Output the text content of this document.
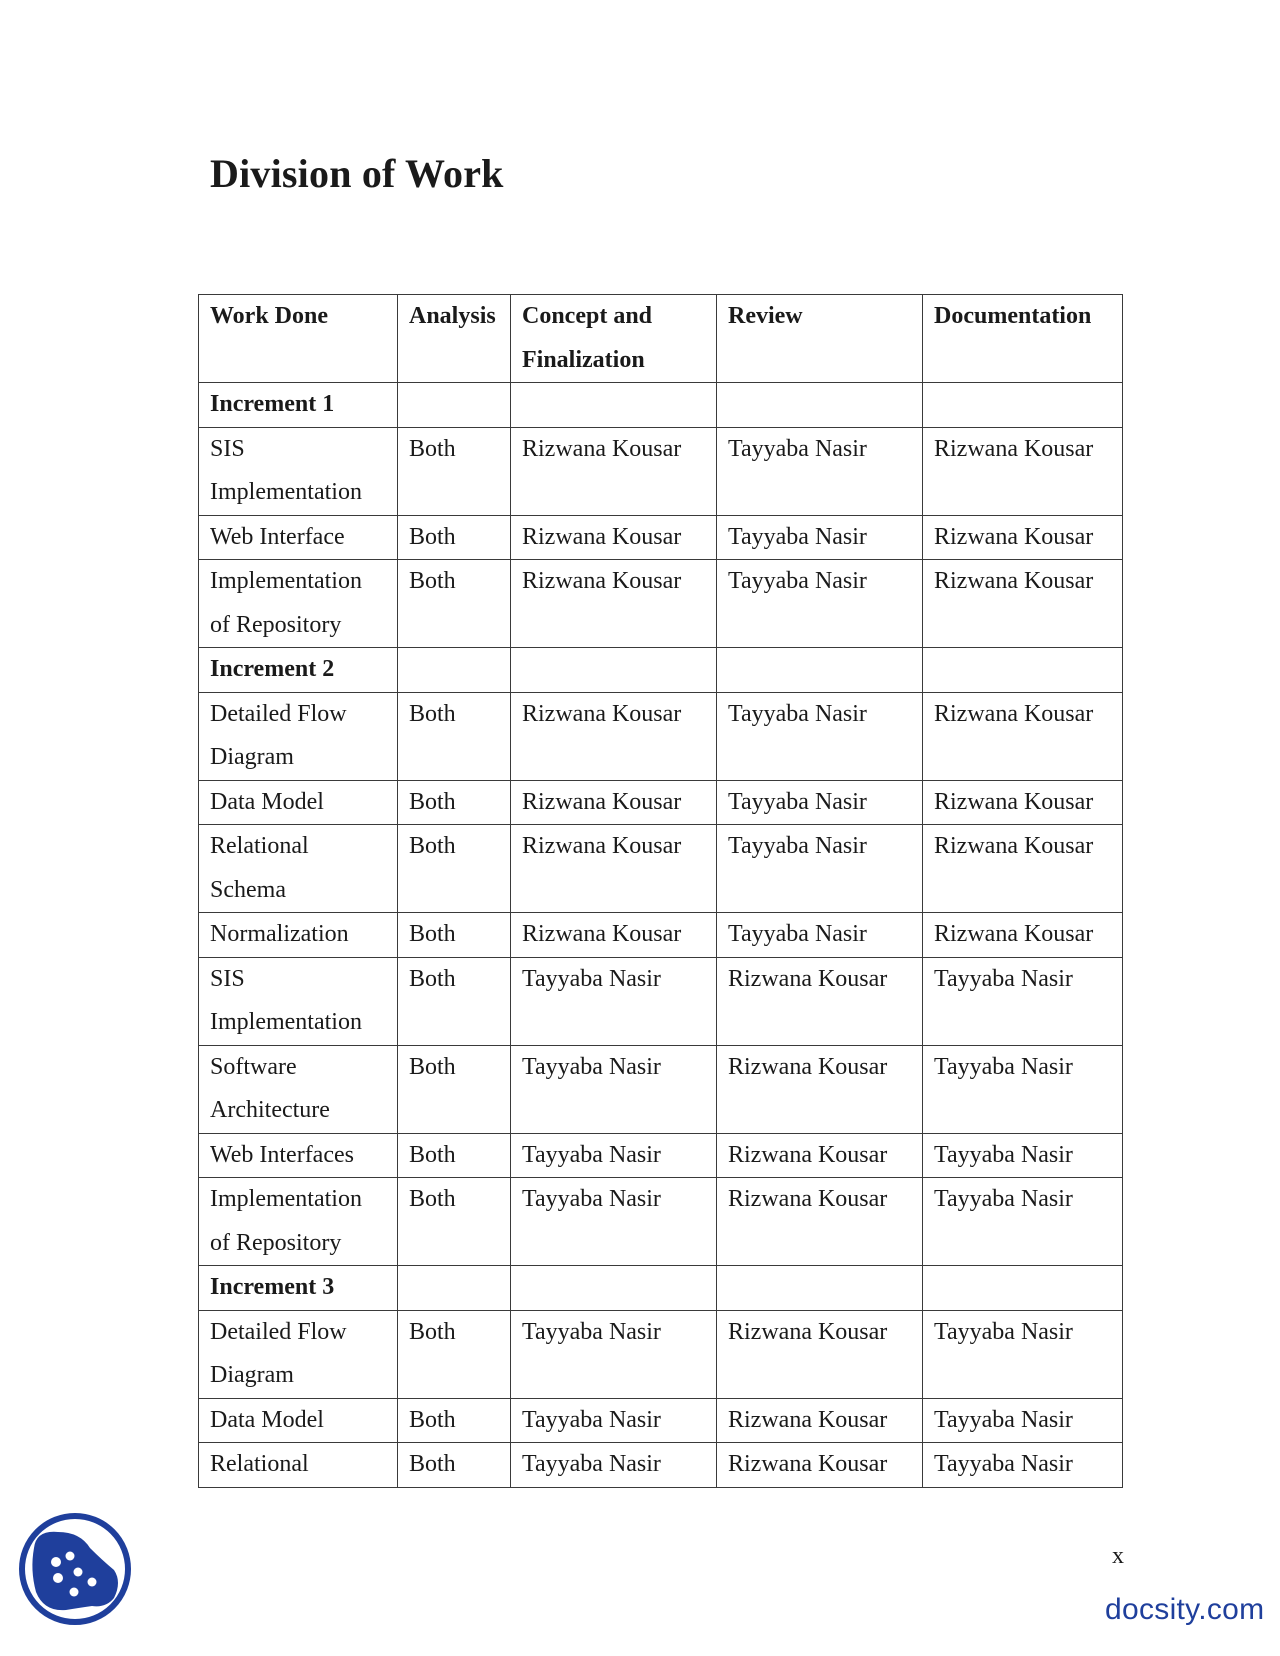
Division of Work
Work Done	Analysis	Concept and Finalization	Review	Documentation
Increment 1				
SIS Implementation	Both	Rizwana Kousar	Tayyaba Nasir	Rizwana Kousar
Web Interface	Both	Rizwana Kousar	Tayyaba Nasir	Rizwana Kousar
Implementation of Repository	Both	Rizwana Kousar	Tayyaba Nasir	Rizwana Kousar
Increment 2				
Detailed Flow Diagram	Both	Rizwana Kousar	Tayyaba Nasir	Rizwana Kousar
Data Model	Both	Rizwana Kousar	Tayyaba Nasir	Rizwana Kousar
Relational Schema	Both	Rizwana Kousar	Tayyaba Nasir	Rizwana Kousar
Normalization	Both	Rizwana Kousar	Tayyaba Nasir	Rizwana Kousar
SIS Implementation	Both	Tayyaba Nasir	Rizwana Kousar	Tayyaba Nasir
Software Architecture	Both	Tayyaba Nasir	Rizwana Kousar	Tayyaba Nasir
Web Interfaces	Both	Tayyaba Nasir	Rizwana Kousar	Tayyaba Nasir
Implementation of Repository	Both	Tayyaba Nasir	Rizwana Kousar	Tayyaba Nasir
Increment 3				
Detailed Flow Diagram	Both	Tayyaba Nasir	Rizwana Kousar	Tayyaba Nasir
Data Model	Both	Tayyaba Nasir	Rizwana Kousar	Tayyaba Nasir
Relational	Both	Tayyaba Nasir	Rizwana Kousar	Tayyaba Nasir
x
docsity.com
